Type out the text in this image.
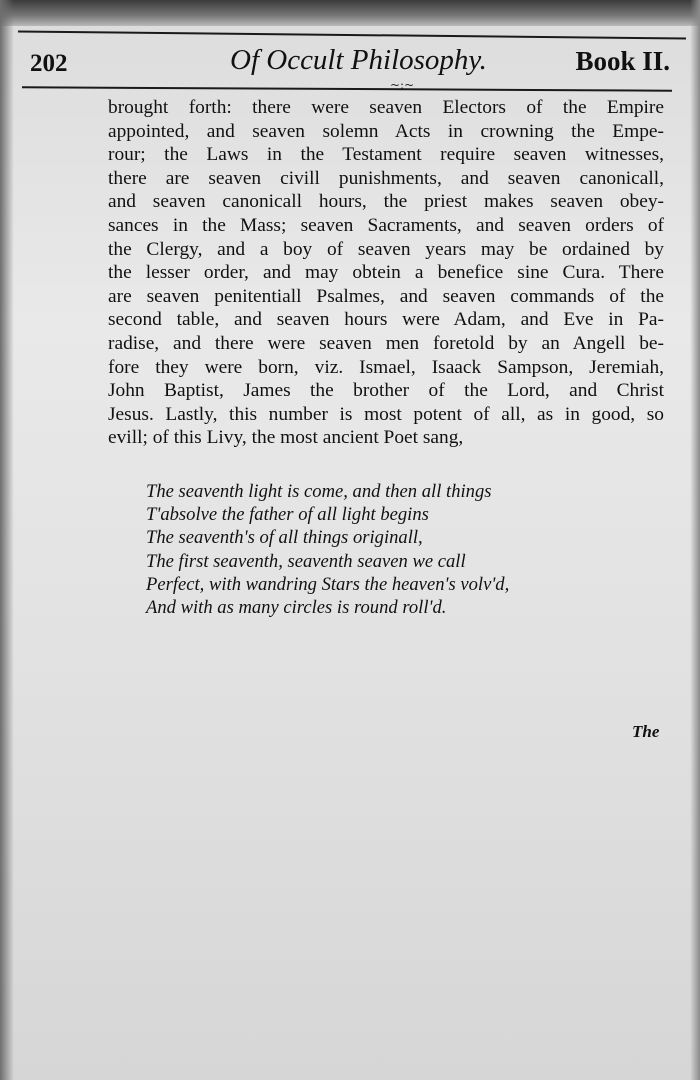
202	Of Occult Philosophy.	Book II.
~:~
brought forth: there were seaven Electors of the Empire
appointed, and seaven solemn Acts in crowning the Empe-
rour; the Laws in the Testament require seaven witnesses,
there are seaven civill punishments, and seaven canonicall,
and seaven canonicall hours, the priest makes seaven obey-
sances in the Mass; seaven Sacraments, and seaven orders of
the Clergy, and a boy of seaven years may be ordained by
the lesser order, and may obtein a benefice sine Cura. There
are seaven penitentiall Psalmes, and seaven commands of the
second table, and seaven hours were Adam, and Eve in Pa-
radise, and there were seaven men foretold by an Angell be-
fore they were born, viz. Ismael, Isaack Sampson, Jeremiah,
John Baptist, James the brother of the Lord, and Christ
Jesus. Lastly, this number is most potent of all, as in good, so
evill; of this Livy, the most ancient Poet sang,
The seaventh light is come, and then all things
T'absolve the father of all light begins
The seaventh's of all things originall,
The first seaventh, seaventh seaven we call
Perfect, with wandring Stars the heaven's volv'd,
And with as many circles is round roll'd.
The
